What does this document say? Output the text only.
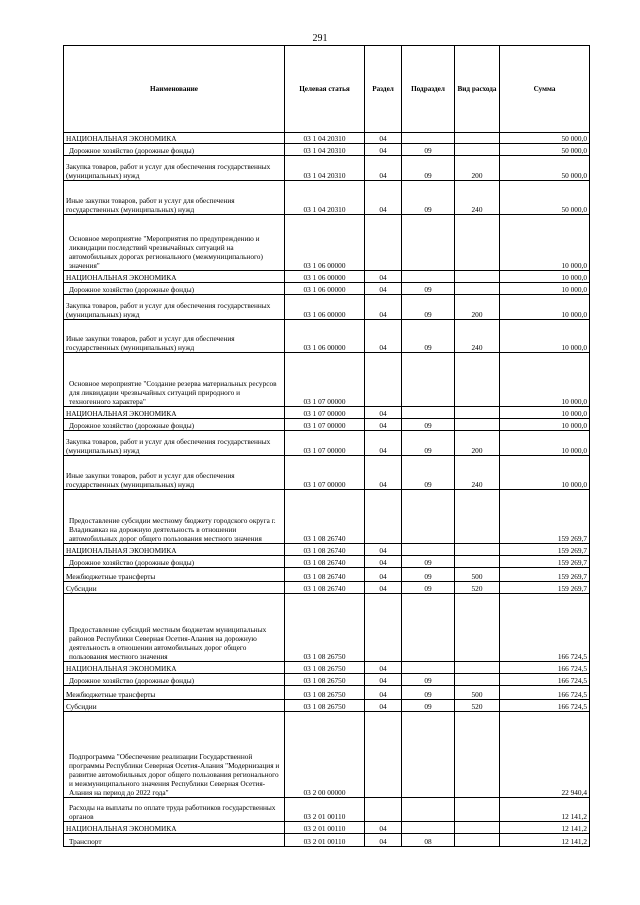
291
Наименование	Целевая статья	Раздел	Подраздел	Вид расхода	Сумма
НАЦИОНАЛЬНАЯ ЭКОНОМИКА	03 1 04 20310	04			50 000,0
Дорожное хозяйство (дорожные фонды)	03 1 04 20310	04	09		50 000,0
Закупка товаров, работ и услуг для обеспечения государственных (муниципальных) нужд	03 1 04 20310	04	09	200	50 000,0
Иные закупки товаров, работ и услуг для обеспечения государственных (муниципальных) нужд	03 1 04 20310	04	09	240	50 000,0
Основное мероприятие "Мероприятия по предупреждению и ликвидации последствий чрезвычайных ситуаций на автомобильных дорогах регионального (межмуниципального) значения"	03 1 06 00000				10 000,0
НАЦИОНАЛЬНАЯ ЭКОНОМИКА	03 1 06 00000	04			10 000,0
Дорожное хозяйство (дорожные фонды)	03 1 06 00000	04	09		10 000,0
Закупка товаров, работ и услуг для обеспечения государственных (муниципальных) нужд	03 1 06 00000	04	09	200	10 000,0
Иные закупки товаров, работ и услуг для обеспечения государственных (муниципальных) нужд	03 1 06 00000	04	09	240	10 000,0
Основное мероприятие "Создание резерва материальных ресурсов для ликвидации чрезвычайных ситуаций природного и техногенного характера"	03 1 07 00000				10 000,0
НАЦИОНАЛЬНАЯ ЭКОНОМИКА	03 1 07 00000	04			10 000,0
Дорожное хозяйство (дорожные фонды)	03 1 07 00000	04	09		10 000,0
Закупка товаров, работ и услуг для обеспечения государственных (муниципальных) нужд	03 1 07 00000	04	09	200	10 000,0
Иные закупки товаров, работ и услуг для обеспечения государственных (муниципальных) нужд	03 1 07 00000	04	09	240	10 000,0
Предоставление субсидии местному бюджету городского округа г. Владикавказ на дорожную деятельность в отношении автомобильных дорог общего пользования местного значения	03 1 08 26740				159 269,7
НАЦИОНАЛЬНАЯ ЭКОНОМИКА	03 1 08 26740	04			159 269,7
Дорожное хозяйство (дорожные фонды)	03 1 08 26740	04	09		159 269,7
Межбюджетные трансферты	03 1 08 26740	04	09	500	159 269,7
Субсидии	03 1 08 26740	04	09	520	159 269,7
Предоставление субсидий местным бюджетам муниципальных районов Республики Северная Осетия-Алания на дорожную деятельность в отношении автомобильных дорог общего пользования местного значения	03 1 08 26750				166 724,5
НАЦИОНАЛЬНАЯ ЭКОНОМИКА	03 1 08 26750	04			166 724,5
Дорожное хозяйство (дорожные фонды)	03 1 08 26750	04	09		166 724,5
Межбюджетные трансферты	03 1 08 26750	04	09	500	166 724,5
Субсидии	03 1 08 26750	04	09	520	166 724,5
Подпрограмма "Обеспечение реализации Государственной программы Республики Северная Осетия-Алания "Модернизация и развитие автомобильных дорог общего пользования регионального и межмуниципального значения Республики Северная Осетия-Алания на период до 2022 года"	03 2 00 00000				22 940,4
Расходы на выплаты по оплате труда работников государственных органов	03 2 01 00110				12 141,2
НАЦИОНАЛЬНАЯ ЭКОНОМИКА	03 2 01 00110	04			12 141,2
Транспорт	03 2 01 00110	04	08		12 141,2
